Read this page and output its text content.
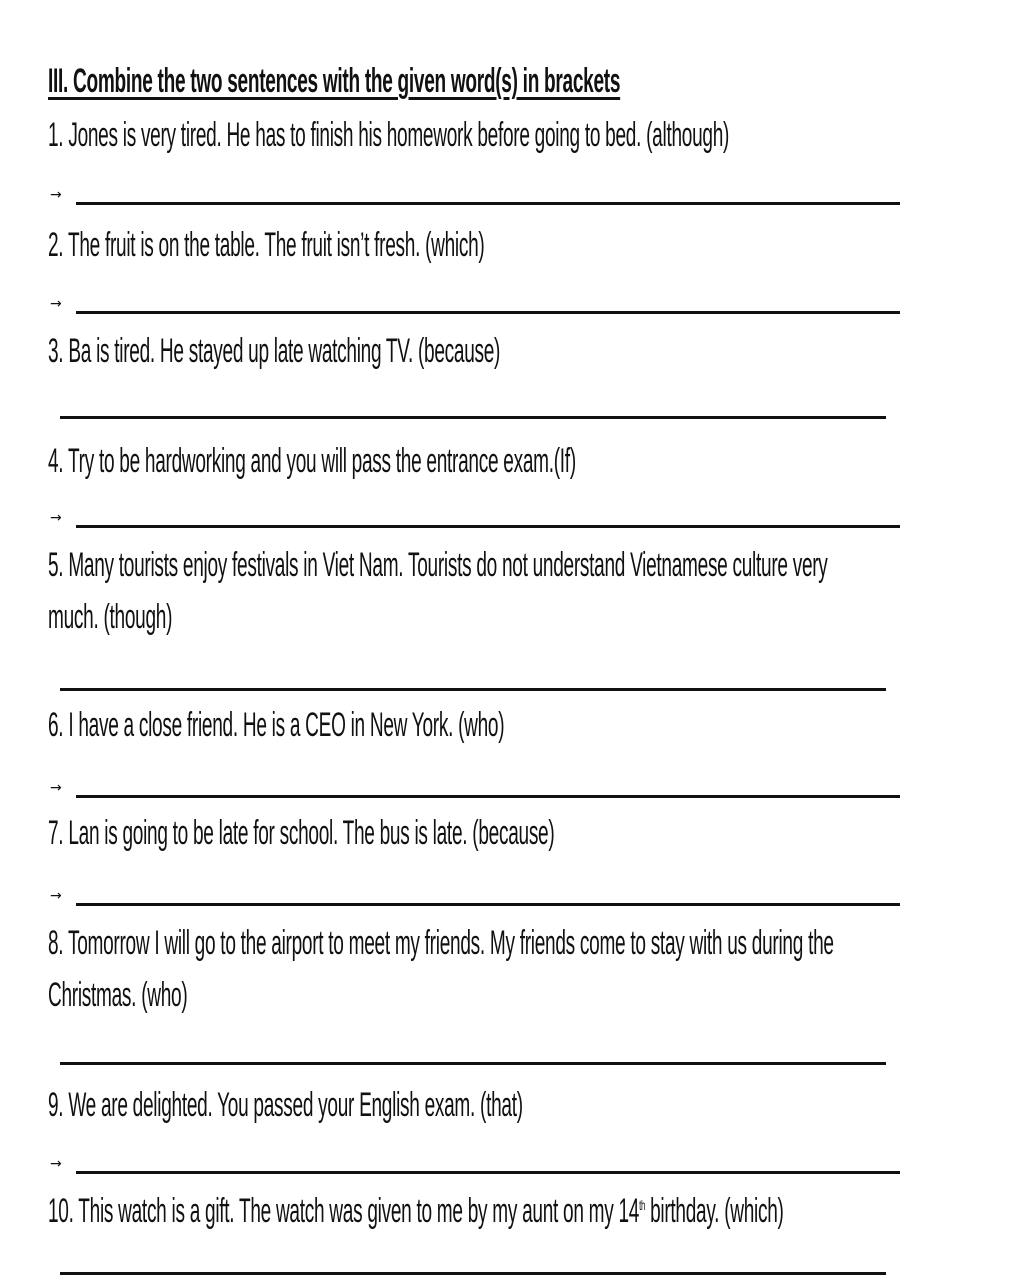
III. Combine the two sentences with the given word(s) in brackets
1. Jones is very tired. He has to finish his homework before going to bed. (although)
→
2. The fruit is on the table. The fruit isn’t fresh. (which)
→
3. Ba is tired. He stayed up late watching TV. (because)
4. Try to be hardworking and you will pass the entrance exam.(If)
→
5. Many tourists enjoy festivals in Viet Nam. Tourists do not understand Vietnamese culture very
much. (though)
6. I have a close friend. He is a CEO in New York. (who)
→
7. Lan is going to be late for school. The bus is late. (because)
→
8. Tomorrow I will go to the airport to meet my friends. My friends come to stay with us during the
Christmas. (who)
9. We are delighted. You passed your English exam. (that)
→
10. This watch is a gift. The watch was given to me by my aunt on my 14th birthday. (which)
